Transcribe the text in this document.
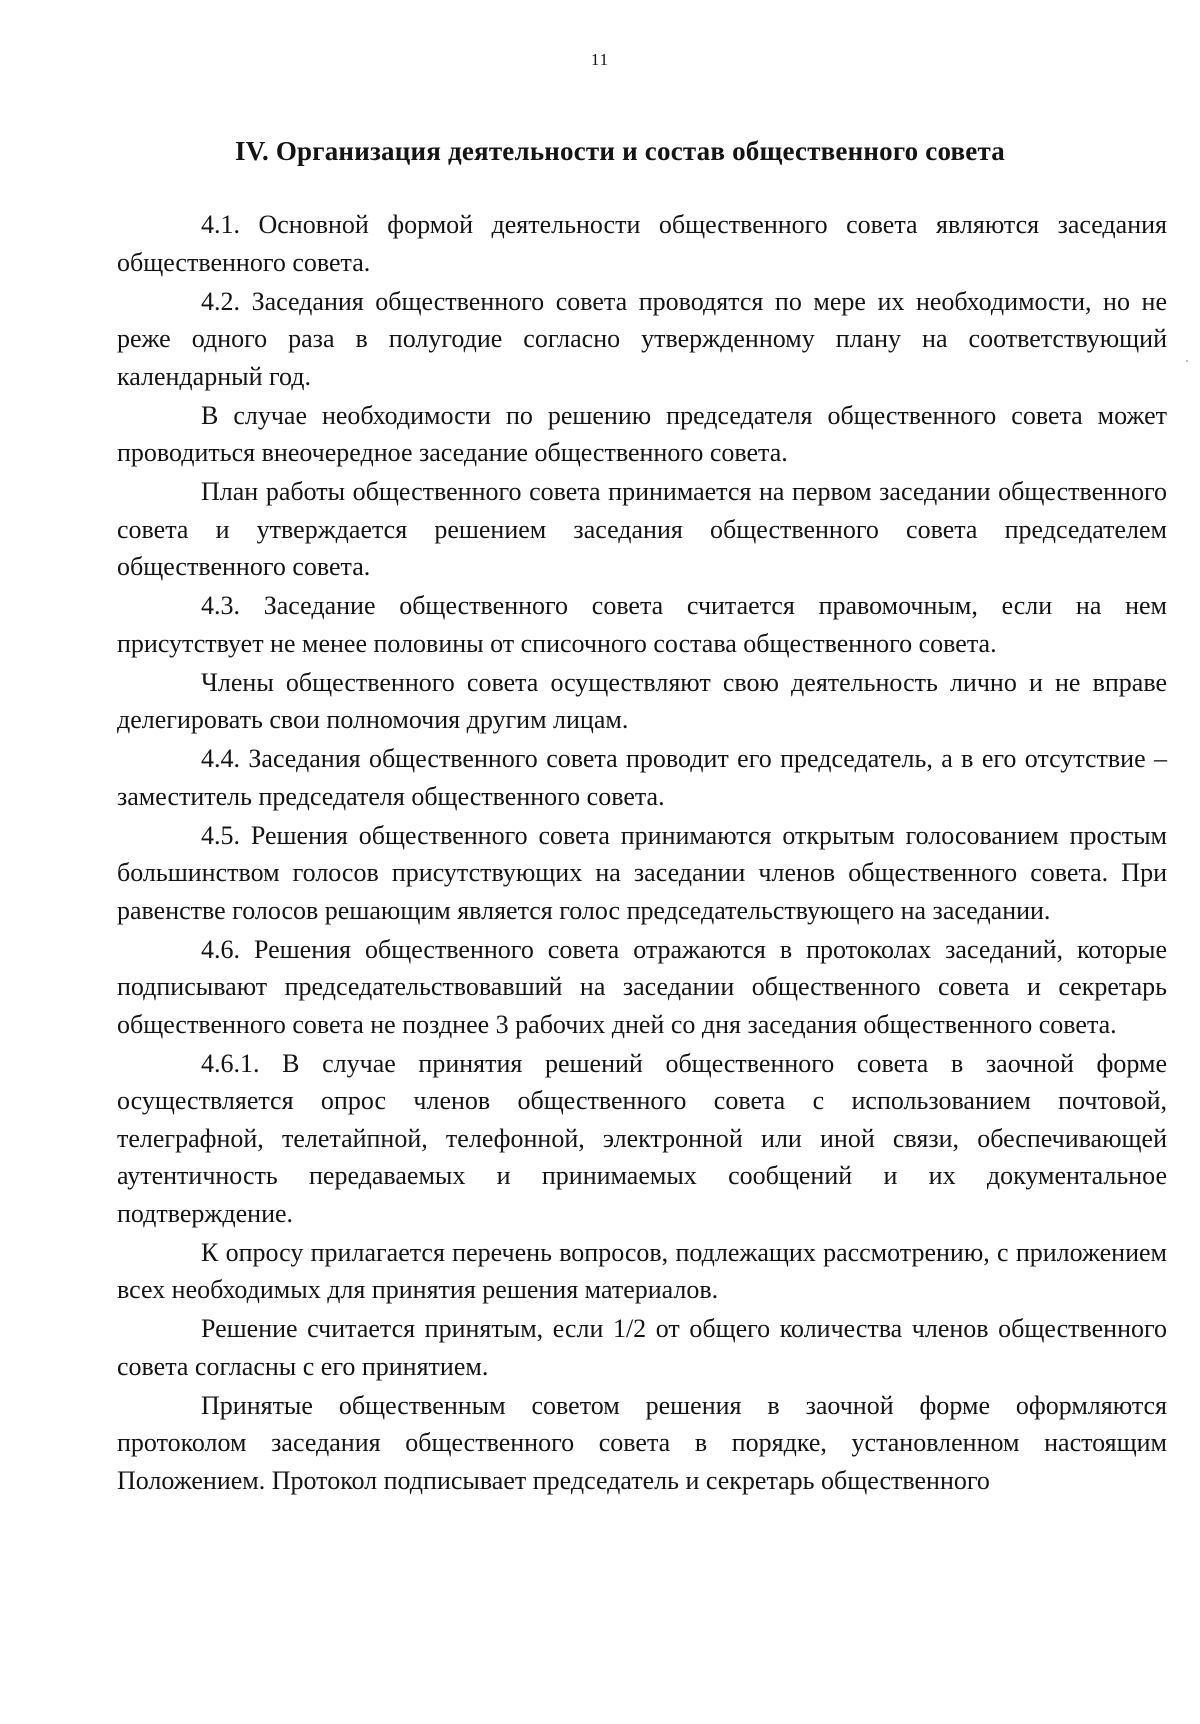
11
IV. Организация деятельности и состав общественного совета

4.1. Основной формой деятельности общественного совета являются заседания общественного совета.

4.2. Заседания общественного совета проводятся по мере их необходимости, но не реже одного раза в полугодие согласно утвержденному плану на соответствующий календарный год.

В случае необходимости по решению председателя общественного совета может проводиться внеочередное заседание общественного совета.

План работы общественного совета принимается на первом заседании общественного совета и утверждается решением заседания общественного совета председателем общественного совета.

4.3. Заседание общественного совета считается правомочным, если на нем присутствует не менее половины от списочного состава общественного совета.

Члены общественного совета осуществляют свою деятельность лично и не вправе делегировать свои полномочия другим лицам.

4.4. Заседания общественного совета проводит его председатель, а в его отсутствие – заместитель председателя общественного совета.

4.5. Решения общественного совета принимаются открытым голосованием простым большинством голосов присутствующих на заседании членов общественного совета. При равенстве голосов решающим является голос председательствующего на заседании.

4.6. Решения общественного совета отражаются в протоколах заседаний, которые подписывают председательствовавший на заседании общественного совета и секретарь общественного совета не позднее 3 рабочих дней со дня заседания общественного совета.

4.6.1. В случае принятия решений общественного совета в заочной форме осуществляется опрос членов общественного совета с использованием почтовой, телеграфной, телетайпной, телефонной, электронной или иной связи, обеспечивающей аутентичность передаваемых и принимаемых сообщений и их документальное подтверждение.

К опросу прилагается перечень вопросов, подлежащих рассмотрению, с приложением всех необходимых для принятия решения материалов.

Решение считается принятым, если 1/2 от общего количества членов общественного совета согласны с его принятием.

Принятые общественным советом решения в заочной форме оформляются протоколом заседания общественного совета в порядке, установленном настоящим Положением. Протокол подписывает председатель и секретарь общественного
